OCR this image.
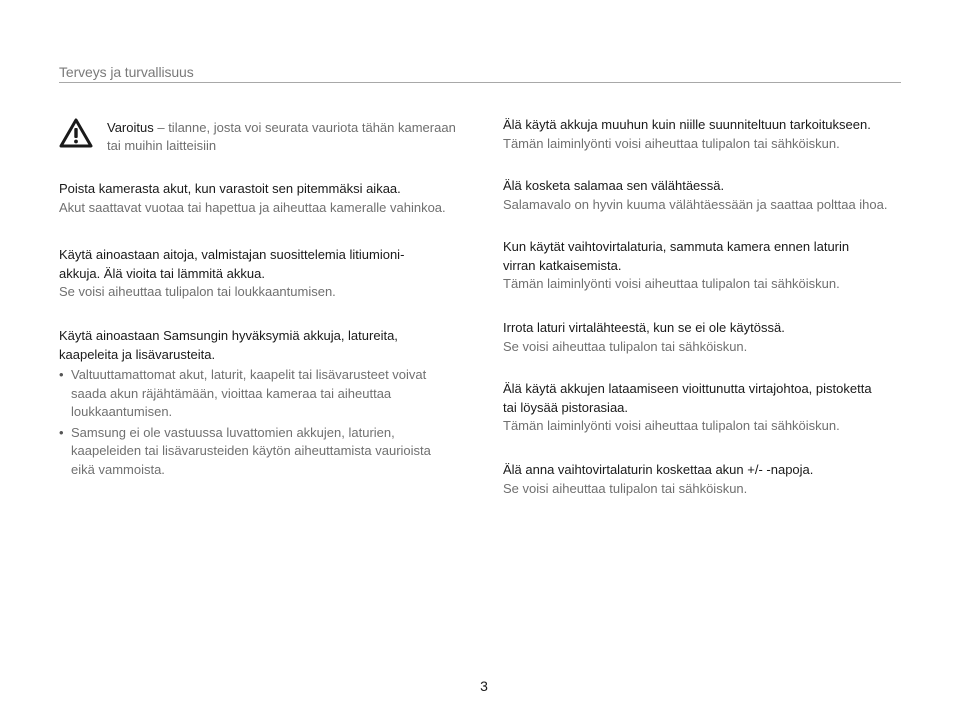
Terveys ja turvallisuus
Varoitus – tilanne, josta voi seurata vauriota tähän kameraan
tai muihin laitteisiin
Poista kamerasta akut, kun varastoit sen pitemmäksi aikaa.
Akut saattavat vuotaa tai hapettua ja aiheuttaa kameralle vahinkoa.
Käytä ainoastaan aitoja, valmistajan suosittelemia litiumioni-
akkuja. Älä vioita tai lämmitä akkua.
Se voisi aiheuttaa tulipalon tai loukkaantumisen.
Käytä ainoastaan Samsungin hyväksymiä akkuja, latureita,
kaapeleita ja lisävarusteita.
• Valtuuttamattomat akut, laturit, kaapelit tai lisävarusteet voivat
saada akun räjähtämään, vioittaa kameraa tai aiheuttaa
loukkaantumisen.
• Samsung ei ole vastuussa luvattomien akkujen, laturien,
kaapeleiden tai lisävarusteiden käytön aiheuttamista vaurioista
eikä vammoista.
Älä käytä akkuja muuhun kuin niille suunniteltuun tarkoitukseen.
Tämän laiminlyönti voisi aiheuttaa tulipalon tai sähköiskun.
Älä kosketa salamaa sen välähtäessä.
Salamavalo on hyvin kuuma välähtäessään ja saattaa polttaa ihoa.
Kun käytät vaihtovirtalaturia, sammuta kamera ennen laturin
virran katkaisemista.
Tämän laiminlyönti voisi aiheuttaa tulipalon tai sähköiskun.
Irrota laturi virtalähteestä, kun se ei ole käytössä.
Se voisi aiheuttaa tulipalon tai sähköiskun.
Älä käytä akkujen lataamiseen vioittunutta virtajohtoa, pistoketta
tai löysää pistorasiaa.
Tämän laiminlyönti voisi aiheuttaa tulipalon tai sähköiskun.
Älä anna vaihtovirtalaturin koskettaa akun +/- -napoja.
Se voisi aiheuttaa tulipalon tai sähköiskun.
3
